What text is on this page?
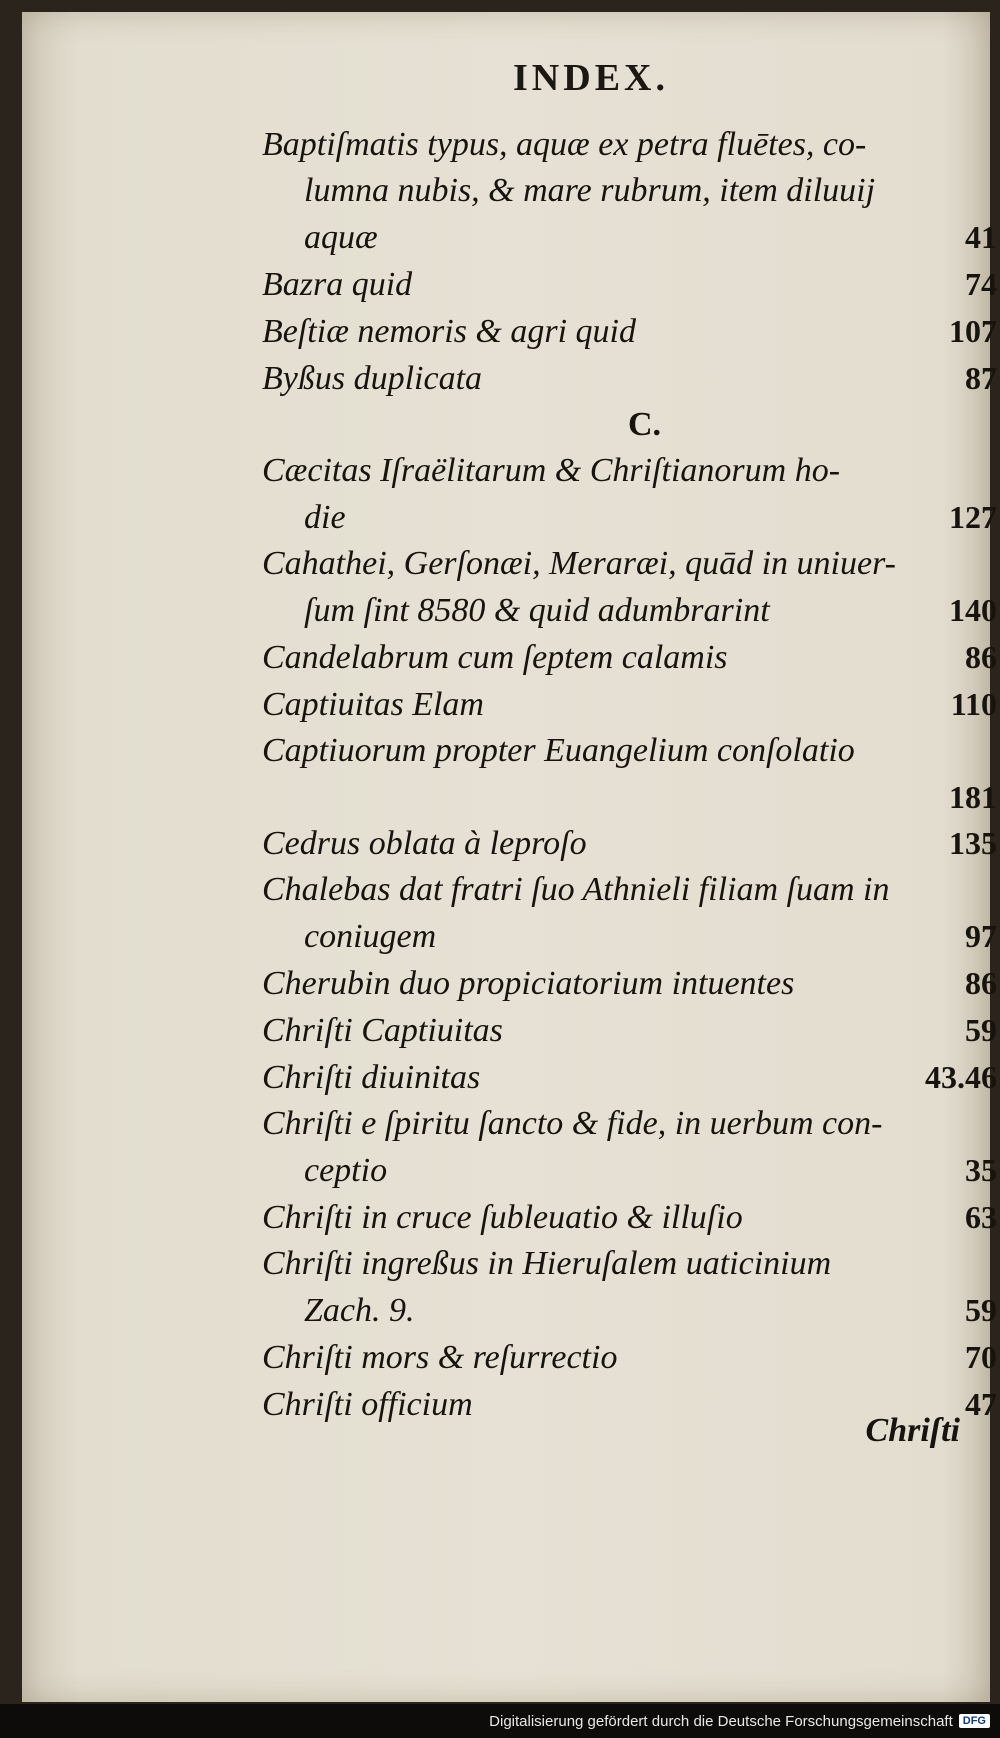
INDEX.
Baptiſmatis typus, aquæ ex petra fluētes, co-
lumna nubis, & mare rubrum, item diluuij
aquæ	41
Bazra quid	74
Beſtiæ nemoris & agri quid	107
Byßus duplicata	87
C.
Cæcitas Iſraëlitarum & Chriſtianorum ho-
die	127
Cahathei, Gerſonæi, Meraræi, quād in uniuer-
ſum ſint 8580 & quid adumbrarint	140
Candelabrum cum ſeptem calamis	86
Captiuitas Elam	110
Captiuorum propter Euangelium conſolatio
181
Cedrus oblata à leproſo	135
Chalebas dat fratri ſuo Athnieli filiam ſuam in
coniugem	97
Cherubin duo propiciatorium intuentes	86
Chriſti Captiuitas	59
Chriſti diuinitas	43.46
Chriſti e ſpiritu ſancto & fide, in uerbum con-
ceptio	35
Chriſti in cruce ſubleuatio & illuſio	63
Chriſti ingreßus in Hieruſalem uaticinium
Zach. 9.	59
Chriſti mors & reſurrectio	70
Chriſti officium	47
Chriſti
Digitalisierung gefördert durch die Deutsche Forschungsgemeinschaft DFG
